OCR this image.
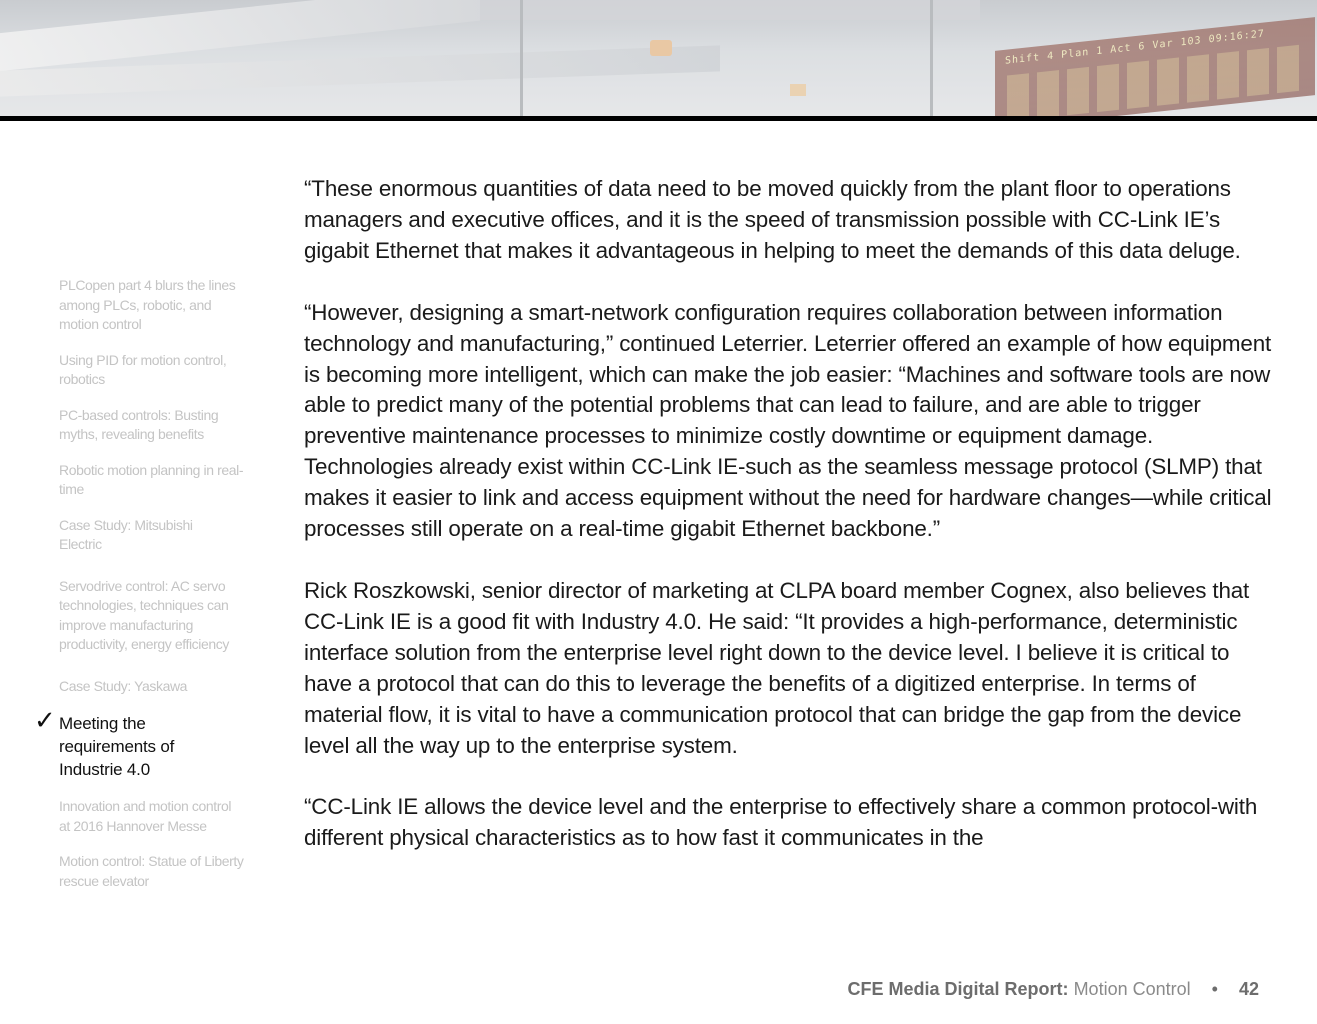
Shift 4 Plan 1 Act 6 Var 103 09:16:27
PLCopen part 4 blurs the lines among PLCs, robotic, and motion control
Using PID for motion control, robotics
PC-based controls: Busting myths, revealing benefits
Robotic motion planning in real-time
Case Study: Mitsubishi Electric
Servodrive control: AC servo technologies, techniques can improve manufacturing productivity, energy efficiency
Case Study: Yaskawa
✓ Meeting the requirements of Industrie 4.0
Innovation and motion control at 2016 Hannover Messe
Motion control: Statue of Liberty rescue elevator

“These enormous quantities of data need to be moved quickly from the plant floor to operations managers and executive offices, and it is the speed of transmission possible with CC-Link IE’s gigabit Ethernet that makes it advantageous in helping to meet the demands of this data deluge.

“However, designing a smart-network configuration requires collaboration between information technology and manufacturing,” continued Leterrier. Leterrier offered an example of how equipment is becoming more intelligent, which can make the job easier: “Machines and software tools are now able to predict many of the potential problems that can lead to failure, and are able to trigger preventive maintenance processes to minimize costly downtime or equipment damage. Technologies already exist within CC-Link IE-such as the seamless message protocol (SLMP) that makes it easier to link and access equipment without the need for hardware changes—while critical processes still operate on a real-time gigabit Ethernet backbone.”

Rick Roszkowski, senior director of marketing at CLPA board member Cognex, also believes that CC-Link IE is a good fit with Industry 4.0. He said: “It provides a high-performance, deterministic interface solution from the enterprise level right down to the device level. I believe it is critical to have a protocol that can do this to leverage the benefits of a digitized enterprise. In terms of material flow, it is vital to have a communication protocol that can bridge the gap from the device level all the way up to the enterprise system.

“CC-Link IE allows the device level and the enterprise to effectively share a common protocol-with different physical characteristics as to how fast it communicates in the

CFE Media Digital Report: Motion Control • 42
